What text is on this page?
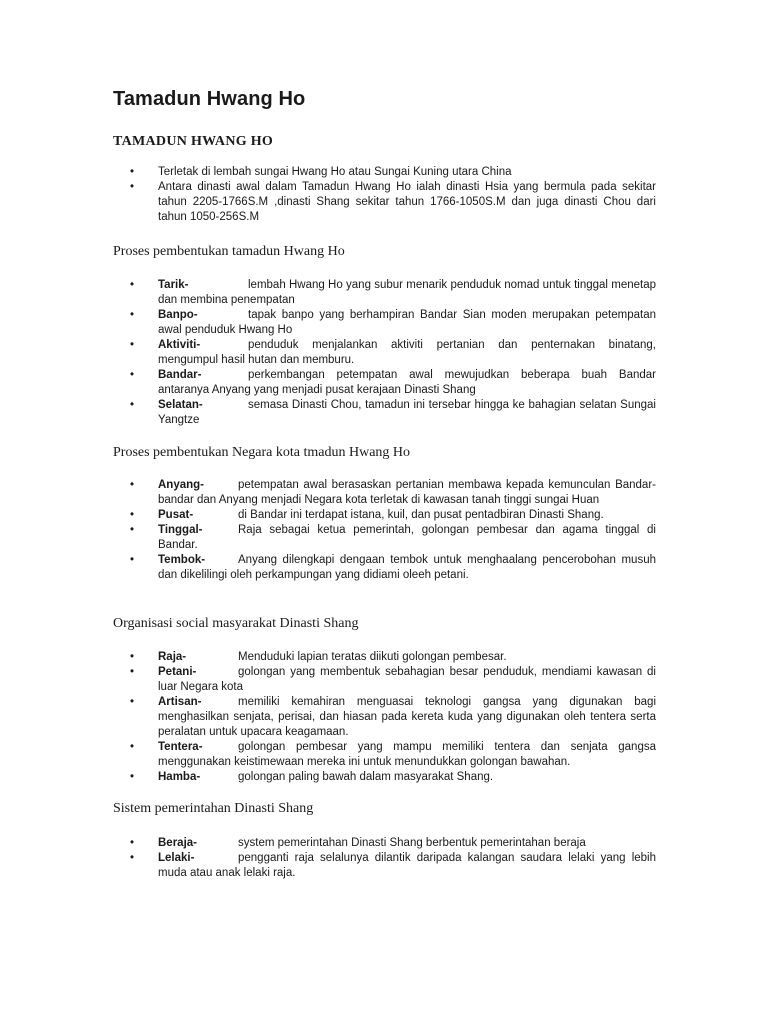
Tamadun Hwang Ho
TAMADUN HWANG HO
• Terletak di lembah sungai Hwang Ho atau Sungai Kuning utara China
• Antara dinasti awal dalam Tamadun Hwang Ho ialah dinasti Hsia yang bermula pada sekitar tahun 2205-1766S.M ,dinasti Shang sekitar tahun 1766-1050S.M dan juga dinasti Chou dari tahun 1050-256S.M
Proses pembentukan tamadun Hwang Ho
• Tarik-	lembah Hwang Ho yang subur menarik penduduk nomad untuk tinggal menetap dan membina penempatan
• Banpo-	tapak banpo yang berhampiran Bandar Sian moden merupakan petempatan awal penduduk Hwang Ho
• Aktiviti-	penduduk menjalankan aktiviti pertanian dan penternakan binatang, mengumpul hasil hutan dan memburu.
• Bandar-	perkembangan petempatan awal mewujudkan beberapa buah Bandar antaranya Anyang yang menjadi pusat kerajaan Dinasti Shang
• Selatan-	semasa Dinasti Chou, tamadun ini tersebar hingga ke bahagian selatan Sungai Yangtze
Proses pembentukan Negara kota tmadun Hwang Ho
• Anyang-	petempatan awal berasaskan pertanian membawa kepada kemunculan Bandar-bandar dan Anyang menjadi Negara kota terletak di kawasan tanah tinggi sungai Huan
• Pusat-	di Bandar ini terdapat istana, kuil, dan pusat pentadbiran Dinasti Shang.
• Tinggal-	Raja sebagai ketua pemerintah, golongan pembesar dan agama tinggal di Bandar.
• Tembok-	Anyang dilengkapi dengaan tembok untuk menghaalang pencerobohan musuh dan dikelilingi oleh perkampungan yang didiami oleeh petani.
Organisasi social masyarakat Dinasti Shang
• Raja-	Menduduki lapian teratas diikuti golongan pembesar.
• Petani-	golongan yang membentuk sebahagian besar penduduk, mendiami kawasan di luar Negara kota
• Artisan-	memiliki kemahiran menguasai teknologi gangsa yang digunakan bagi menghasilkan senjata, perisai, dan hiasan pada kereta kuda yang digunakan oleh tentera serta peralatan untuk upacara keagamaan.
• Tentera-	golongan pembesar yang mampu memiliki tentera dan senjata gangsa menggunakan keistimewaan mereka ini untuk menundukkan golongan bawahan.
• Hamba-	golongan paling bawah dalam masyarakat Shang.
Sistem pemerintahan Dinasti Shang
• Beraja-	system pemerintahan Dinasti Shang berbentuk pemerintahan beraja
• Lelaki-	pengganti raja selalunya dilantik daripada kalangan saudara lelaki yang lebih muda atau anak lelaki raja.
